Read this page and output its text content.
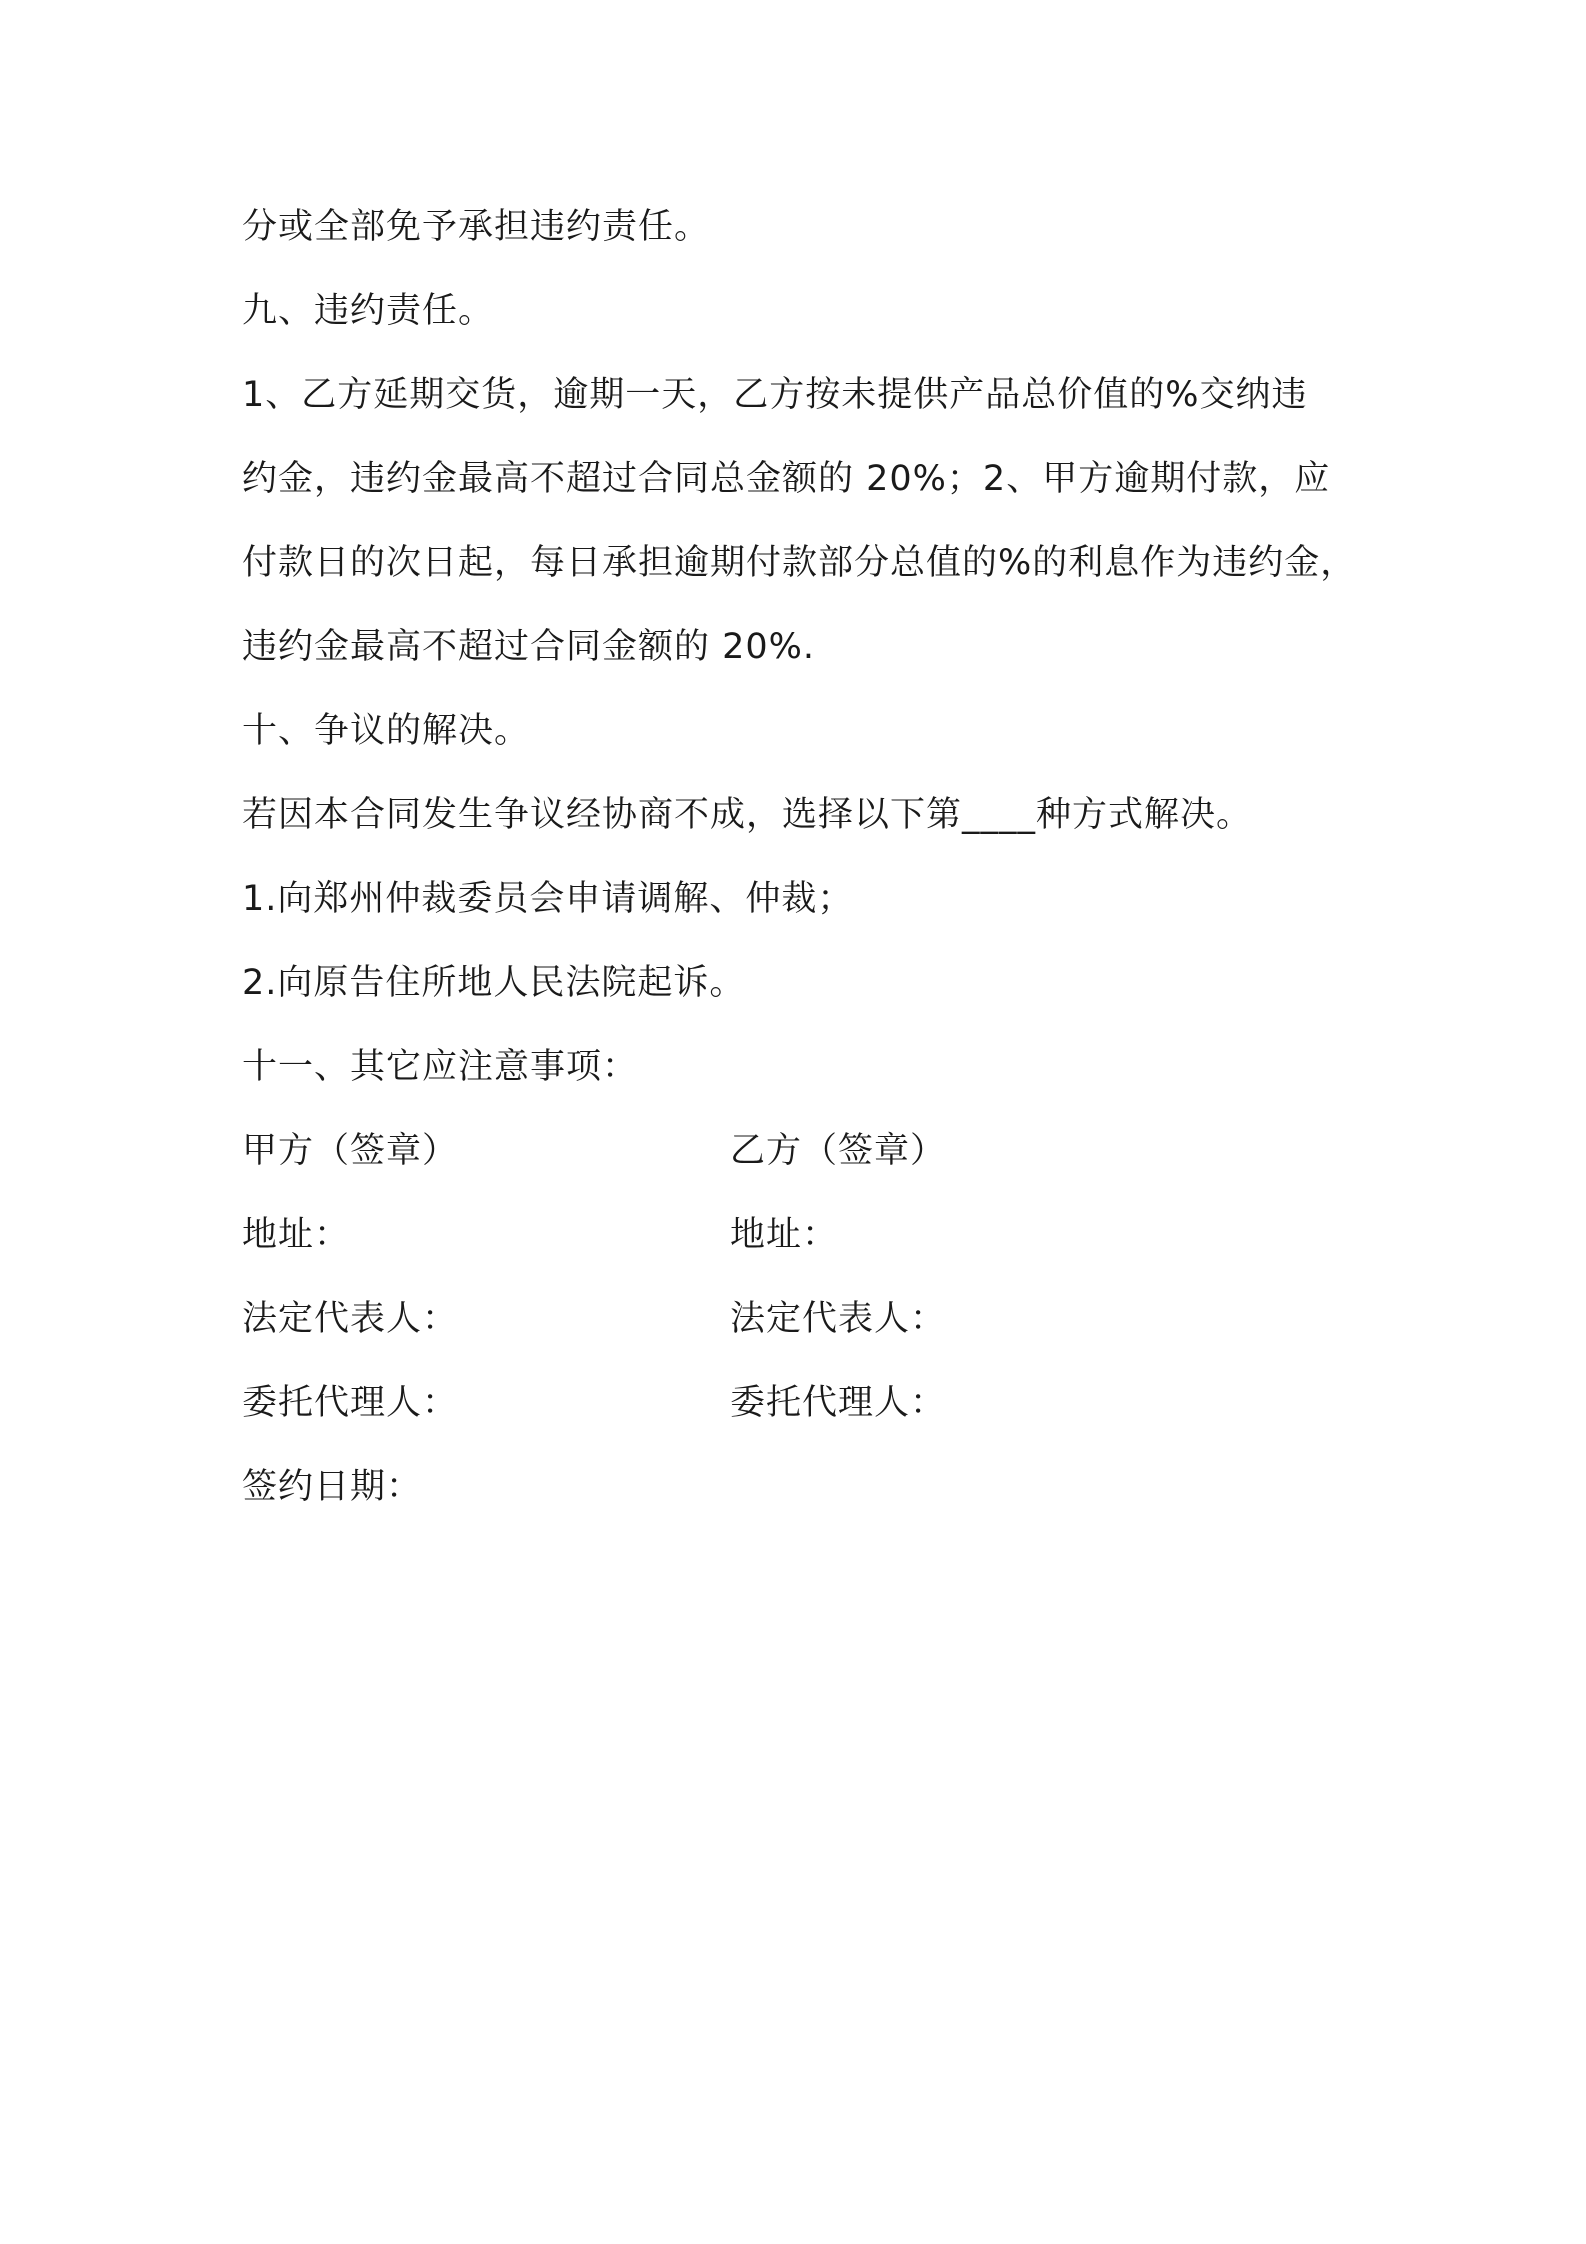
分或全部免予承担违约责任。
九、违约责任。
1、乙方延期交货，逾期一天，乙方按未提供产品总价值的%交纳违
约金，违约金最高不超过合同总金额的 20%；2、甲方逾期付款，应
付款日的次日起，每日承担逾期付款部分总值的%的利息作为违约金，
违约金最高不超过合同金额的 20%.
十、争议的解决。
若因本合同发生争议经协商不成，选择以下第____种方式解决。
1.向郑州仲裁委员会申请调解、仲裁；
2.向原告住所地人民法院起诉。
十一、其它应注意事项：
甲方（签章）	乙方（签章）
地址：	地址：
法定代表人：	法定代表人：
委托代理人：	委托代理人：
签约日期：
